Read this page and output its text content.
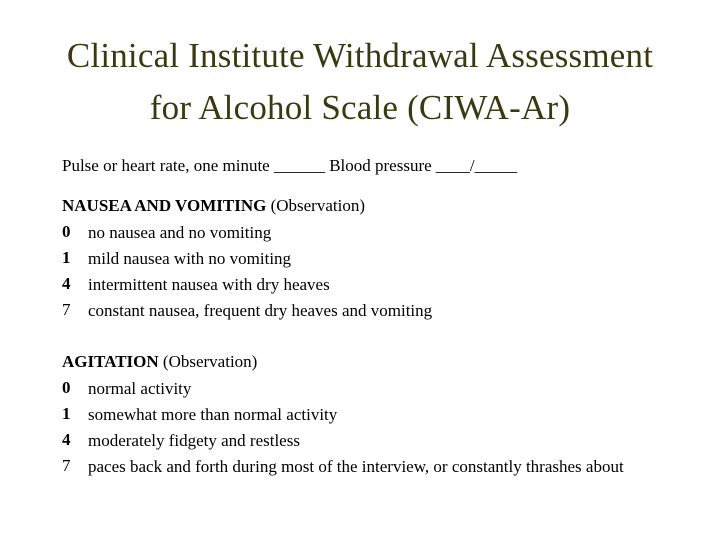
Clinical Institute Withdrawal Assessment
for Alcohol Scale (CIWA-Ar)

Pulse or heart rate, one minute ______ Blood pressure ____/_____

NAUSEA AND VOMITING (Observation)

0	no nausea and no vomiting
1	mild nausea with no vomiting
4	intermittent nausea with dry heaves
7	constant nausea, frequent dry heaves and vomiting

AGITATION (Observation)

0	normal activity
1	somewhat more than normal activity
4	moderately fidgety and restless
7	paces back and forth during most of the interview, or constantly thrashes about
